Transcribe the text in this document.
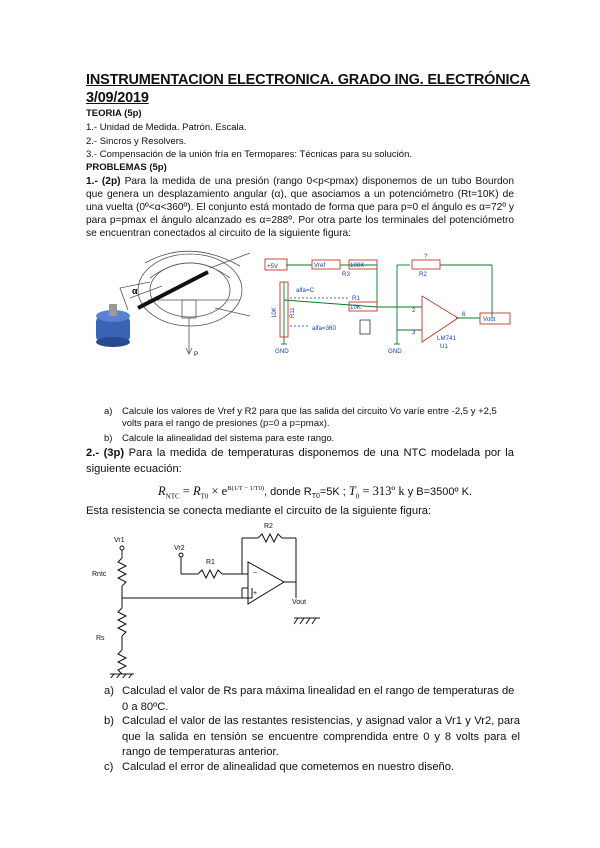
INSTRUMENTACION ELECTRONICA. GRADO ING. ELECTRÓNICA
3/09/2019
TEORIA (5p)
1.- Unidad de Medida. Patrón. Escala.
2.- Sincros y Resolvers.
3.- Compensación de la unión fría en Termopares: Técnicas para su solución.
PROBLEMAS (5p)
1.- (2p) Para la medida de una presión (rango 0<p<pmax) disponemos de un tubo Bourdon que genera un desplazamiento angular (α), que asociamos a un potenciómetro (Rt=10K) de una vuelta (0º<α<360º). El conjunto está montado de forma que para p=0 el ángulo es α=72º y para p=pmax el ángulo alcanzado es α=288º. Por otra parte los terminales del potenciómetro se encuentran conectados al circuito de la siguiente figura:
α
P
+5V	Vref	100K
R3
?
R2
10K
R1
alfa=C
alfa=360
LM741
U1
2
3
6
Vout
GND	GND
10K R11
a) Calcule los valores de Vref y R2 para que las salida del circuito Vo varíe entre -2,5 y +2,5 volts para el rango de presiones (p=0 a p=pmax).
b) Calcule la alinealidad del sistema para este rango.
2.- (3p) Para la medida de temperaturas disponemos de una NTC modelada por la siguiente ecuación:
$R_{NTC} = R_{T0} \times e^{B(1/T - 1/T0)}$, donde $R_{T0}=5K$ ; $T_0$ = 313º k y B=3500º K.
Esta resistencia se conecta mediante el circuito de la siguiente figura:
−
+
Vr1
Vr2
R1
R2
Rntc
Rs
Vout
a) Calculad el valor de Rs para máxima linealidad en el rango de temperaturas de 0 a 80ºC.
b) Calculad el valor de las restantes resistencias, y asignad valor a Vr1 y Vr2, para que la salida en tensión se encuentre comprendida entre 0 y 8 volts para el rango de temperaturas anterior.
c) Calculad el error de alinealidad que cometemos en nuestro diseño.
